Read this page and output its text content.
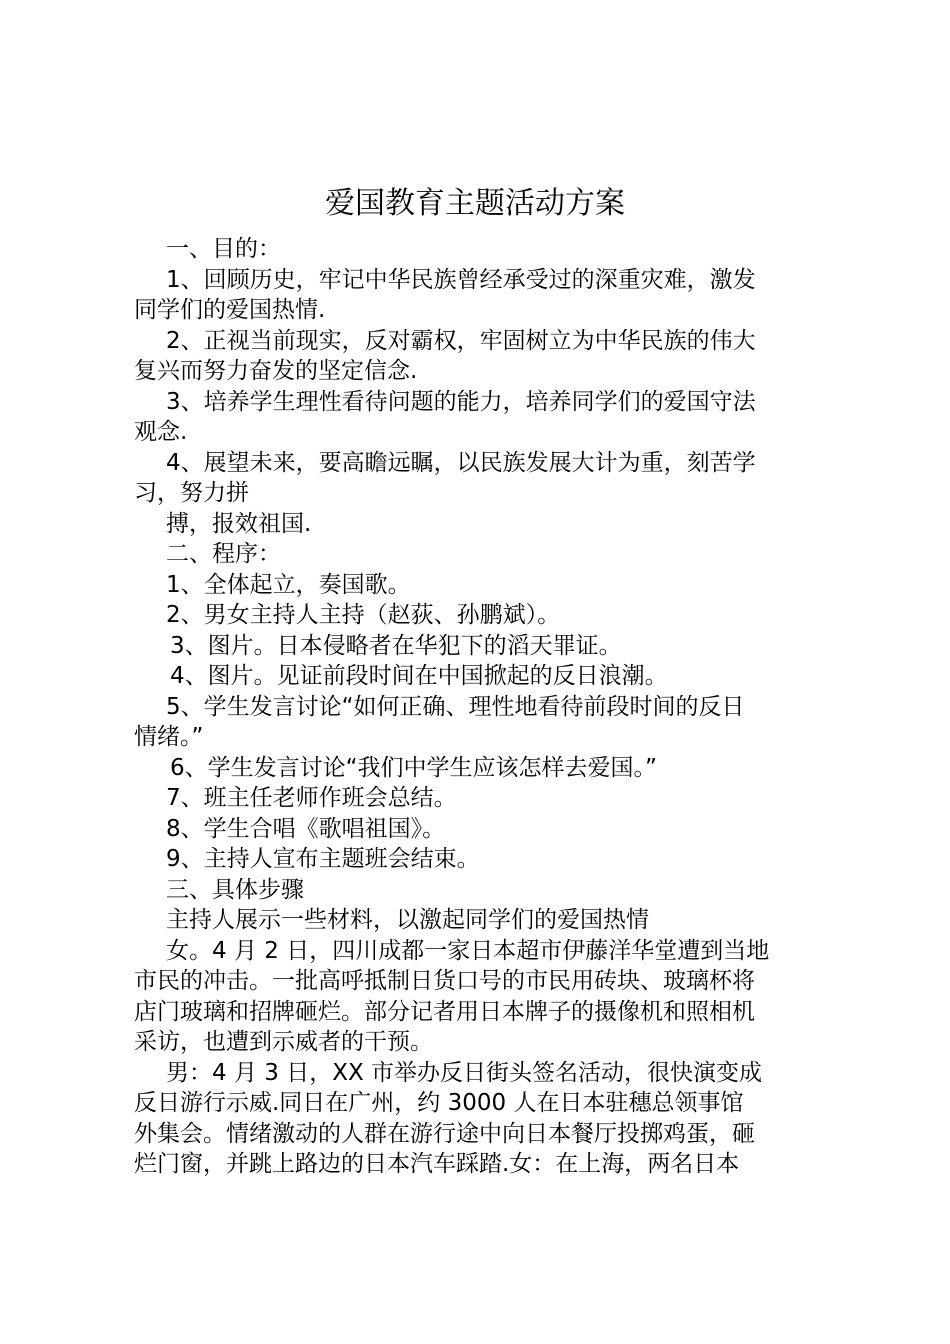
爱国教育主题活动方案

一、目的：

1、回顾历史，牢记中华民族曾经承受过的深重灾难，激发

同学们的爱国热情.

2、正视当前现实，反对霸权，牢固树立为中华民族的伟大

复兴而努力奋发的坚定信念.

3、培养学生理性看待问题的能力，培养同学们的爱国守法

观念.

4、展望未来，要高瞻远瞩，以民族发展大计为重，刻苦学

习，努力拼

搏，报效祖国.

二、程序：

1、全体起立，奏国歌。

2、男女主持人主持（赵荻、孙鹏斌）。

3、图片。日本侵略者在华犯下的滔天罪证。

4、图片。见证前段时间在中国掀起的反日浪潮。

5、学生发言讨论“如何正确、理性地看待前段时间的反日

情绪。”

6、学生发言讨论“我们中学生应该怎样去爱国。”

7、班主任老师作班会总结。

8、学生合唱《歌唱祖国》。

9、主持人宣布主题班会结束。

三、具体步骤

主持人展示一些材料，以激起同学们的爱国热情

女。4 月 2 日，四川成都一家日本超市伊藤洋华堂遭到当地

市民的冲击。一批高呼抵制日货口号的市民用砖块、玻璃杯将
店门玻璃和招牌砸烂。部分记者用日本牌子的摄像机和照相机
采访，也遭到示威者的干预。

男：4 月 3 日，XX 市举办反日街头签名活动，很快演变成

反日游行示威.同日在广州，约 3000 人在日本驻穗总领事馆
外集会。情绪激动的人群在游行途中向日本餐厅投掷鸡蛋，砸
烂门窗，并跳上路边的日本汽车踩踏.女：在上海，两名日本
